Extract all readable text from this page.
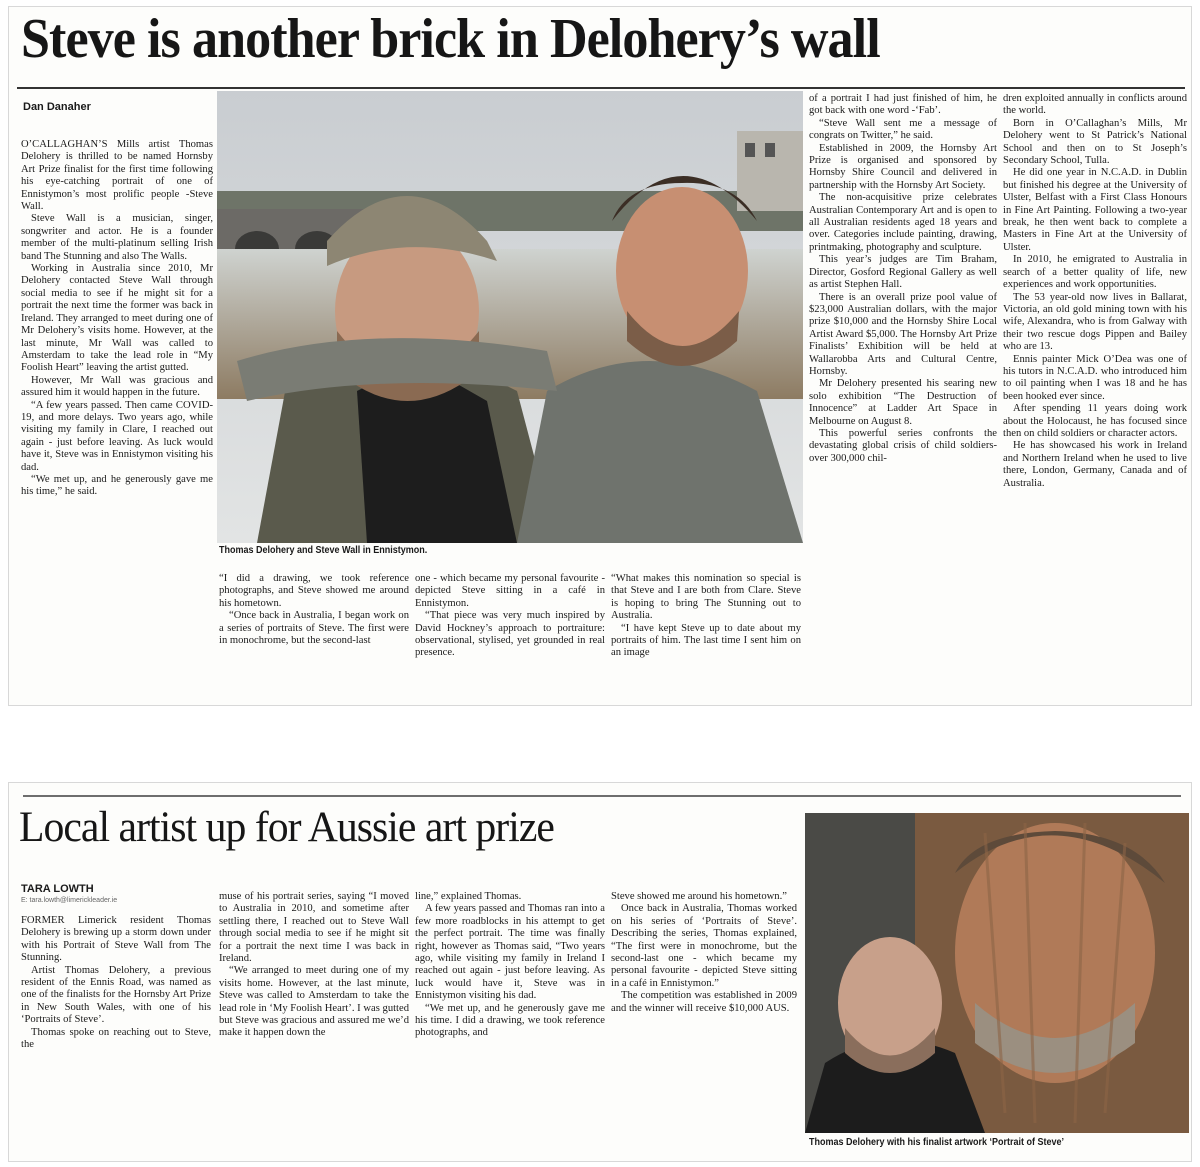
Steve is another brick in Delohery’s wall
Dan Danaher

O’CALLAGHAN’S Mills artist Thomas Delohery is thrilled to be named Hornsby Art Prize finalist for the first time following his eye-catching portrait of one of Ennistymon’s most prolific people -Steve Wall.

Steve Wall is a musician, singer, songwriter and actor. He is a founder member of the multi-platinum selling Irish band The Stunning and also The Walls.

Working in Australia since 2010, Mr Delohery contacted Steve Wall through social media to see if he might sit for a portrait the next time the former was back in Ireland. They arranged to meet during one of Mr Delohery’s visits home. However, at the last minute, Mr Wall was called to Amsterdam to take the lead role in “My Foolish Heart” leaving the artist gutted.

However, Mr Wall was gracious and assured him it would happen in the future.

“A few years passed. Then came COVID-19, and more delays. Two years ago, while visiting my family in Clare, I reached out again - just before leaving. As luck would have it, Steve was in Ennistymon visiting his dad.

“We met up, and he generously gave me his time,” he said.

Thomas Delohery and Steve Wall in Ennistymon.

“I did a drawing, we took reference photographs, and Steve showed me around his hometown.

“Once back in Australia, I began work on a series of portraits of Steve. The first were in monochrome, but the second-last

one - which became my personal favourite - depicted Steve sitting in a café in Ennistymon.

“That piece was very much inspired by David Hockney’s approach to portraiture: observational, stylised, yet grounded in real presence.

“What makes this nomination so special is that Steve and I are both from Clare. Steve is hoping to bring The Stunning out to Australia.

“I have kept Steve up to date about my portraits of him. The last time I sent him on an image

of a portrait I had just finished of him, he got back with one word -‘Fab’.

“Steve Wall sent me a message of congrats on Twitter,” he said.

Established in 2009, the Hornsby Art Prize is organised and sponsored by Hornsby Shire Council and delivered in partnership with the Hornsby Art Society.

The non-acquisitive prize celebrates Australian Contemporary Art and is open to all Australian residents aged 18 years and over. Categories include painting, drawing, printmaking, photography and sculpture.

This year’s judges are Tim Braham, Director, Gosford Regional Gallery as well as artist Stephen Hall.

There is an overall prize pool value of $23,000 Australian dollars, with the major prize $10,000 and the Hornsby Shire Local Artist Award $5,000. The Hornsby Art Prize Finalists’ Exhibition will be held at Wallarobba Arts and Cultural Centre, Hornsby.

Mr Delohery presented his searing new solo exhibition “The Destruction of Innocence” at Ladder Art Space in Melbourne on August 8.

This powerful series confronts the devastating global crisis of child soldiers-over 300,000 chil-

dren exploited annually in conflicts around the world.

Born in O’Callaghan’s Mills, Mr Delohery went to St Patrick’s National School and then on to St Joseph’s Secondary School, Tulla.

He did one year in N.C.A.D. in Dublin but finished his degree at the University of Ulster, Belfast with a First Class Honours in Fine Art Painting. Following a two-year break, he then went back to complete a Masters in Fine Art at the University of Ulster.

In 2010, he emigrated to Australia in search of a better quality of life, new experiences and work opportunities.

The 53 year-old now lives in Ballarat, Victoria, an old gold mining town with his wife, Alexandra, who is from Galway with their two rescue dogs Pippen and Bailey who are 13.

Ennis painter Mick O’Dea was one of his tutors in N.C.A.D. who introduced him to oil painting when I was 18 and he has been hooked ever since.

After spending 11 years doing work about the Holocaust, he has focused since then on child soldiers or character actors.

He has showcased his work in Ireland and Northern Ireland when he used to live there, London, Germany, Canada and of Australia.

Local artist up for Aussie art prize
TARA LOWTH
E: tara.lowth@limerickleader.ie

FORMER Limerick resident Thomas Delohery is brewing up a storm down under with his Portrait of Steve Wall from The Stunning.

Artist Thomas Delohery, a previous resident of the Ennis Road, was named as one of the finalists for the Hornsby Art Prize in New South Wales, with one of his ‘Portraits of Steve’.

Thomas spoke on reaching out to Steve, the

muse of his portrait series, saying “I moved to Australia in 2010, and sometime after settling there, I reached out to Steve Wall through social media to see if he might sit for a portrait the next time I was back in Ireland.

“We arranged to meet during one of my visits home. However, at the last minute, Steve was called to Amsterdam to take the lead role in ‘My Foolish Heart’. I was gutted but Steve was gracious and assured me we’d make it happen down the

line,” explained Thomas.

A few years passed and Thomas ran into a few more roadblocks in his attempt to get the perfect portrait. The time was finally right, however as Thomas said, “Two years ago, while visiting my family in Ireland I reached out again - just before leaving. As luck would have it, Steve was in Ennistymon visiting his dad.

“We met up, and he generously gave me his time. I did a drawing, we took reference photographs, and

Steve showed me around his hometown.”

Once back in Australia, Thomas worked on his series of ‘Portraits of Steve’. Describing the series, Thomas explained, “The first were in monochrome, but the second-last one - which became my personal favourite - depicted Steve sitting in a café in Ennistymon.”

The competition was established in 2009 and the winner will receive $10,000 AUS.

Thomas Delohery with his finalist artwork ‘Portrait of Steve’
